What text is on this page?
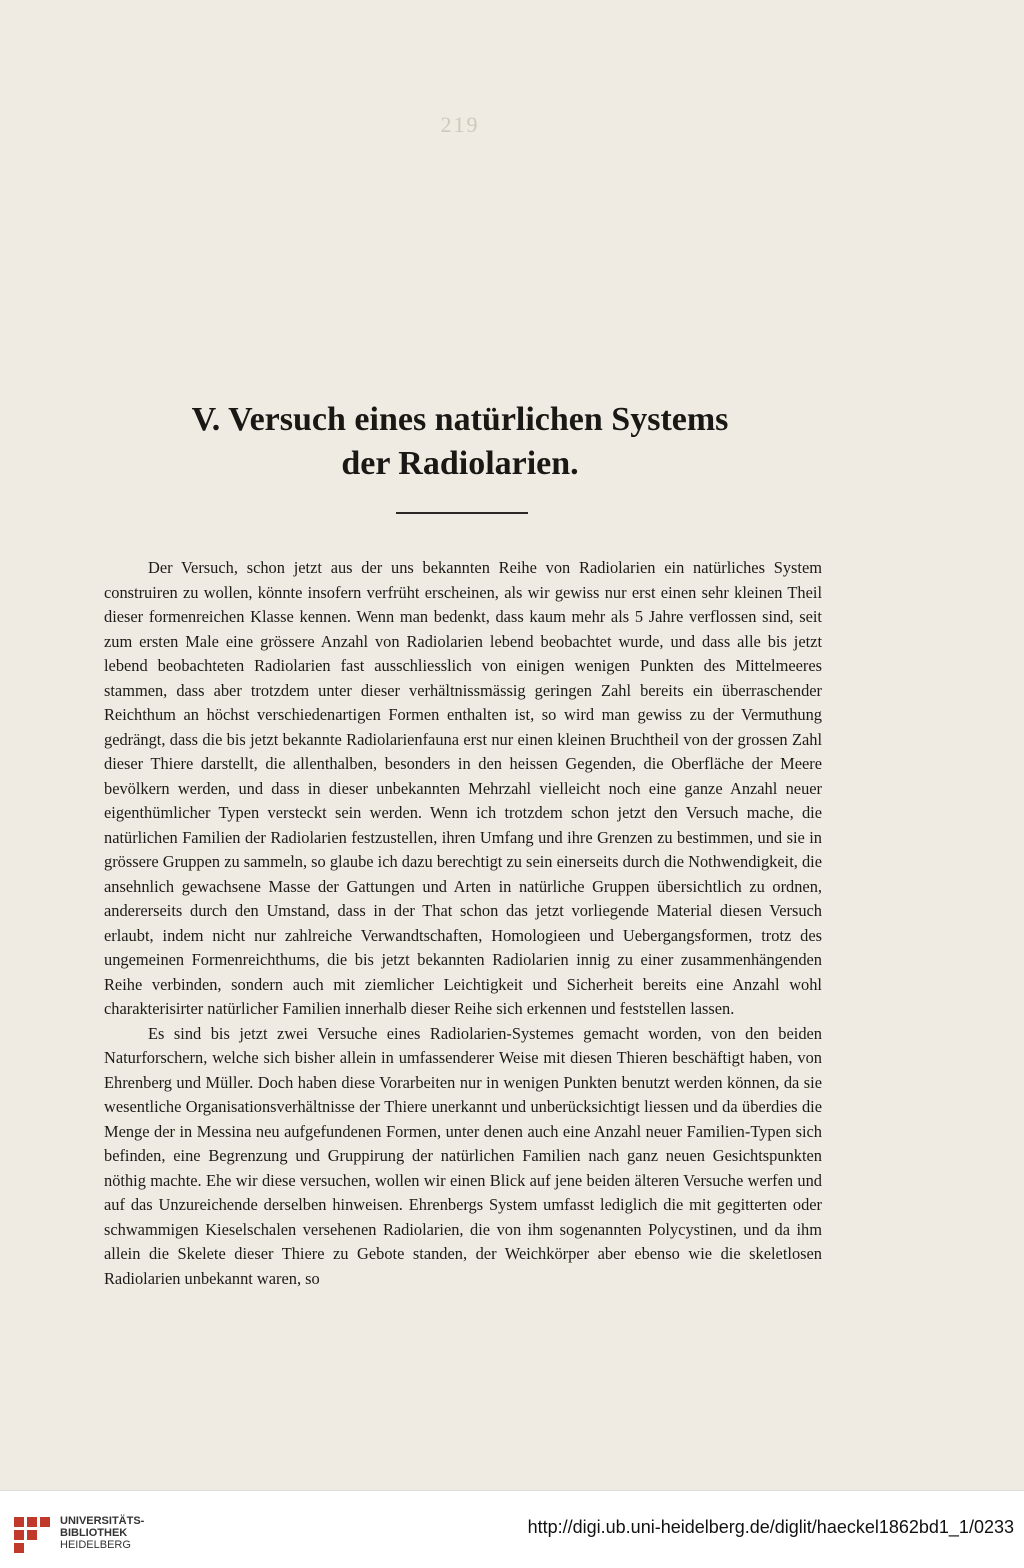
219
V. Versuch eines natürlichen Systems
der Radiolarien.

Der Versuch, schon jetzt aus der uns bekannten Reihe von Radiolarien ein natürliches System construiren zu wollen, könnte insofern verfrüht erscheinen, als wir gewiss nur erst einen sehr kleinen Theil dieser formenreichen Klasse kennen. Wenn man bedenkt, dass kaum mehr als 5 Jahre verflossen sind, seit zum ersten Male eine grössere Anzahl von Radiolarien lebend beobachtet wurde, und dass alle bis jetzt lebend beobachteten Radiolarien fast ausschliesslich von einigen wenigen Punkten des Mittelmeeres stammen, dass aber trotzdem unter dieser verhältnissmässig geringen Zahl bereits ein überraschender Reichthum an höchst verschiedenartigen Formen enthalten ist, so wird man gewiss zu der Vermuthung gedrängt, dass die bis jetzt bekannte Radiolarienfauna erst nur einen kleinen Bruchtheil von der grossen Zahl dieser Thiere darstellt, die allenthalben, besonders in den heissen Gegenden, die Oberfläche der Meere bevölkern werden, und dass in dieser unbekannten Mehrzahl vielleicht noch eine ganze Anzahl neuer eigenthümlicher Typen versteckt sein werden. Wenn ich trotzdem schon jetzt den Versuch mache, die natürlichen Familien der Radiolarien festzustellen, ihren Umfang und ihre Grenzen zu bestimmen, und sie in grössere Gruppen zu sammeln, so glaube ich dazu berechtigt zu sein einerseits durch die Nothwendigkeit, die ansehnlich gewachsene Masse der Gattungen und Arten in natürliche Gruppen übersichtlich zu ordnen, andererseits durch den Umstand, dass in der That schon das jetzt vorliegende Material diesen Versuch erlaubt, indem nicht nur zahlreiche Verwandtschaften, Homologieen und Uebergangsformen, trotz des ungemeinen Formenreichthums, die bis jetzt bekannten Radiolarien innig zu einer zusammenhängenden Reihe verbinden, sondern auch mit ziemlicher Leichtigkeit und Sicherheit bereits eine Anzahl wohl charakterisirter natürlicher Familien innerhalb dieser Reihe sich erkennen und feststellen lassen.

Es sind bis jetzt zwei Versuche eines Radiolarien-Systemes gemacht worden, von den beiden Naturforschern, welche sich bisher allein in umfassenderer Weise mit diesen Thieren beschäftigt haben, von Ehrenberg und Müller. Doch haben diese Vorarbeiten nur in wenigen Punkten benutzt werden können, da sie wesentliche Organisationsverhältnisse der Thiere unerkannt und unberücksichtigt liessen und da überdies die Menge der in Messina neu aufgefundenen Formen, unter denen auch eine Anzahl neuer Familien-Typen sich befinden, eine Begrenzung und Gruppirung der natürlichen Familien nach ganz neuen Gesichtspunkten nöthig machte. Ehe wir diese versuchen, wollen wir einen Blick auf jene beiden älteren Versuche werfen und auf das Unzureichende derselben hinweisen. Ehrenbergs System umfasst lediglich die mit gegitterten oder schwammigen Kieselschalen versehenen Radiolarien, die von ihm sogenannten Polycystinen, und da ihm allein die Skelete dieser Thiere zu Gebote standen, der Weichkörper aber ebenso wie die skeletlosen Radiolarien unbekannt waren, so

UNIVERSITÄTS-
BIBLIOTHEK
HEIDELBERG
http://digi.ub.uni-heidelberg.de/diglit/haeckel1862bd1_1/0233
